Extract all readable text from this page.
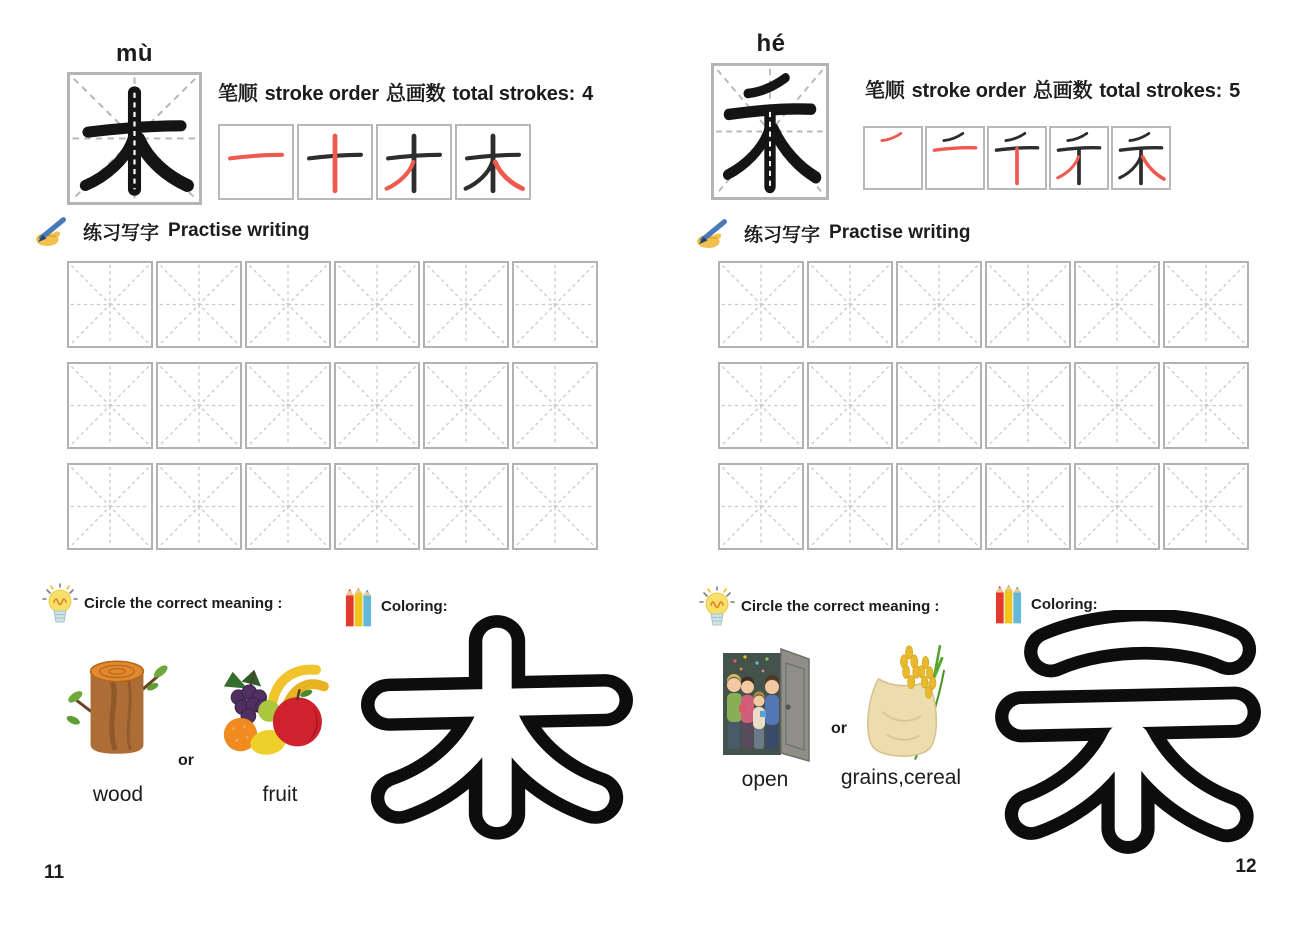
mù
笔顺 stroke order 总画数 total strokes: 4
练习写字 Practise writing
Circle the correct meaning :
or
wood	fruit
Coloring:
11
hé
笔顺 stroke order 总画数 total strokes: 5
练习写字 Practise writing
Circle the correct meaning :
or
open	grains,cereal
Coloring:
12
